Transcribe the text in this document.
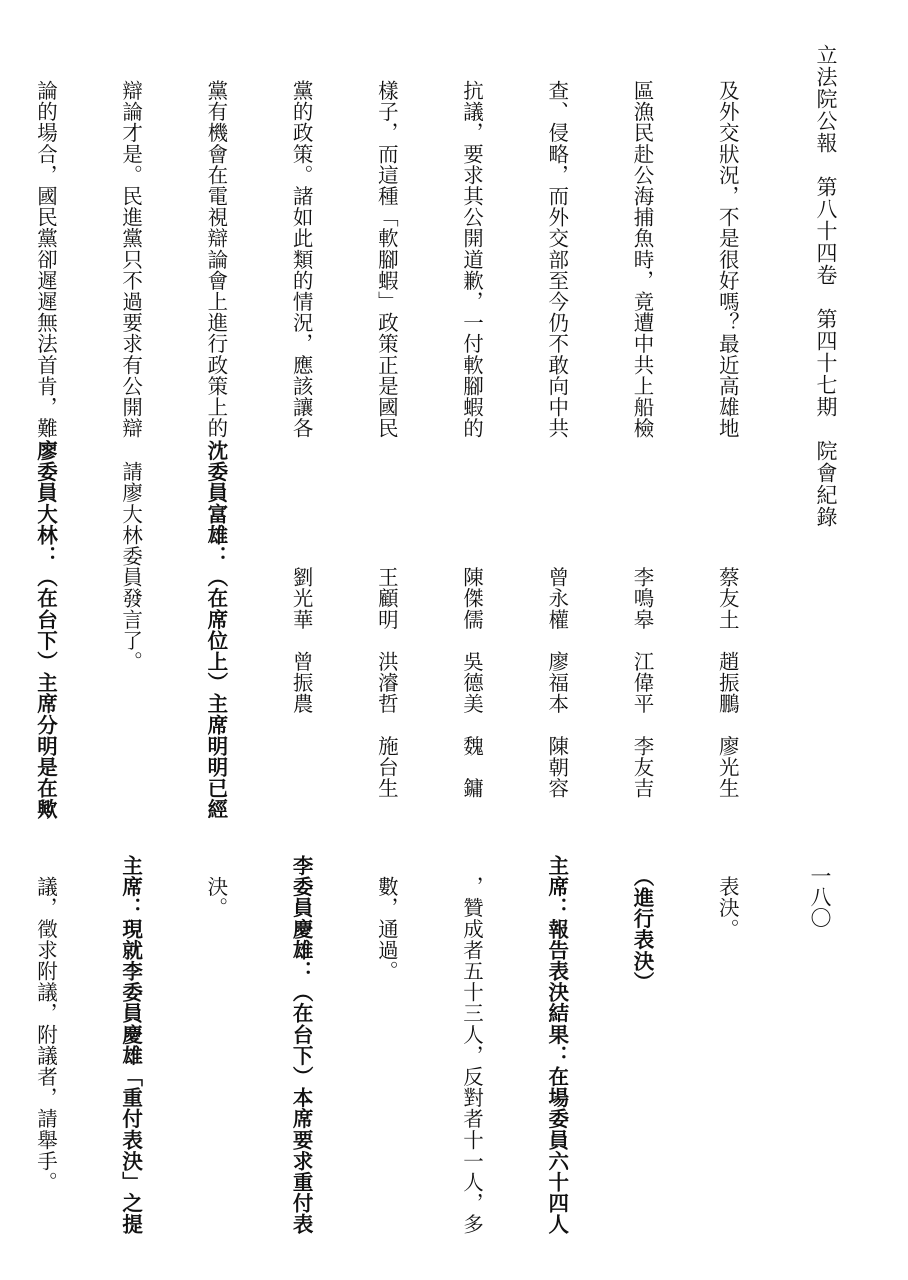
立法院公報　第八十四卷　第四十七期　院會紀錄
一八〇

及外交狀況，不是很好嗎？最近高雄地

區漁民赴公海捕魚時，竟遭中共上船檢

查、侵略，而外交部至今仍不敢向中共

抗議，要求其公開道歉，一付軟腳蝦的

樣子，而這種「軟腳蝦」政策正是國民

黨的政策。諸如此類的情況，應該讓各

黨有機會在電視辯論會上進行政策上的

辯論才是。民進黨只不過要求有公開辯

論的場合，國民黨卻遲遲無法首肯，難

　　　　　　蔡友土　趙振鵬　廖光生

　　　　　　李鳴皋　江偉平　李友吉

　　　　　　曾永權　廖福本　陳朝容

　　　　　　陳傑儒　吳德美　魏　鏞

　　　　　　王顧明　洪濬哲　施台生

　　　　　　劉光華　曾振農

沈委員富雄：（在席位上）主席明明已經

　請廖大林委員發言了。

廖委員大林：（在台下）主席分明是在歟

　表決。

　（進行表決）

主席：報告表決結果：在場委員六十四人

　，贊成者五十三人，反對者十一人，多

　數，通過。

李委員慶雄：（在台下）本席要求重付表

　決。

主席：現就李委員慶雄「重付表決」之提

　議，徵求附議，附議者，請舉手。
